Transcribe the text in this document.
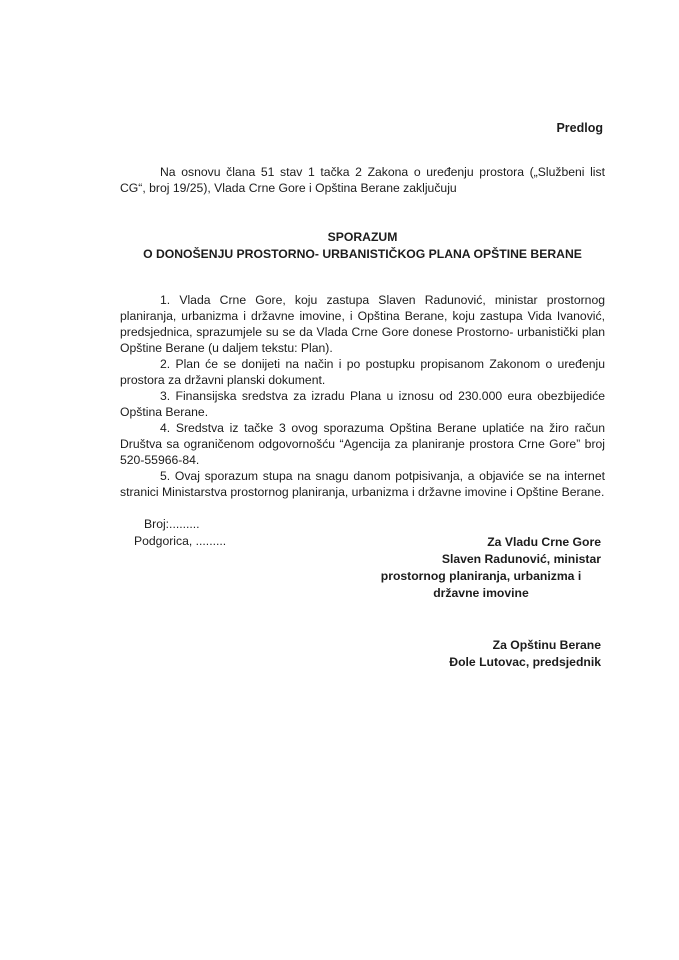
Predlog

Na osnovu člana 51 stav 1 tačka 2 Zakona o uređenju prostora („Službeni list CG“, broj 19/25), Vlada Crne Gore i Opština Berane zaključuju

SPORAZUM
O DONOŠENJU PROSTORNO- URBANISTIČKOG PLANA OPŠTINE BERANE

1. Vlada Crne Gore, koju zastupa Slaven Radunović, ministar prostornog planiranja, urbanizma i državne imovine, i Opština Berane, koju zastupa Vida Ivanović, predsjednica, sprazumjele su se da Vlada Crne Gore donese Prostorno- urbanistički plan Opštine Berane (u daljem tekstu: Plan).

2. Plan će se donijeti na način i po postupku propisanom Zakonom o uređenju prostora za državni planski dokument.

3. Finansijska sredstva za izradu Plana u iznosu od 230.000 eura obezbijediće Opština Berane.

4. Sredstva iz tačke 3 ovog sporazuma Opština Berane uplatiće na žiro račun Društva sa ograničenom odgovornošću “Agencija za planiranje prostora Crne Gore” broj 520-55966-84.

5. Ovaj sporazum stupa na snagu danom potpisivanja, a objaviće se na internet stranici Ministarstva prostornog planiranja, urbanizma i državne imovine i Opštine Berane.

Broj:.........
Podgorica, .........	Za Vladu Crne Gore
Slaven Radunović, ministar
prostornog planiranja, urbanizma i
državne imovine
Za Opštinu Berane
Đole Lutovac, predsjednik
